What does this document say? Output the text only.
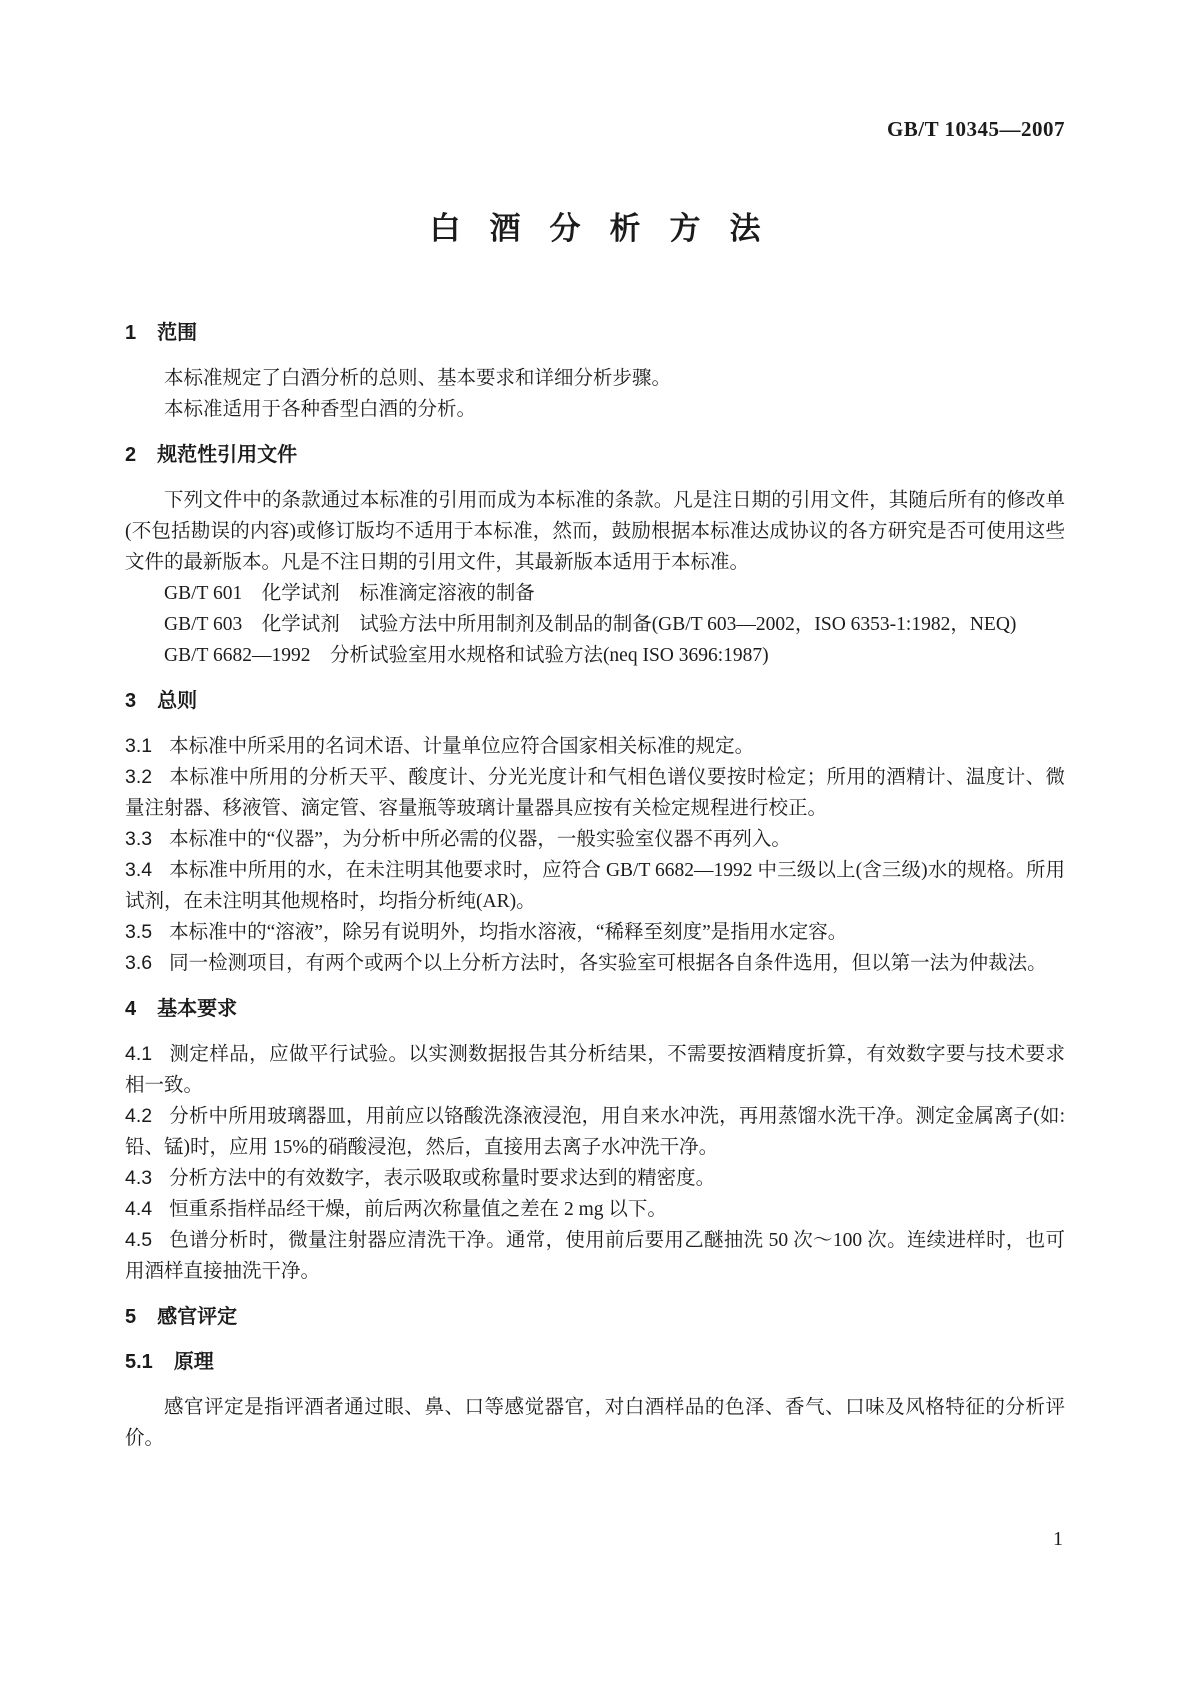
GB/T 10345—2007
白酒分析方法
1 范围

本标准规定了白酒分析的总则、基本要求和详细分析步骤。

本标准适用于各种香型白酒的分析。

2 规范性引用文件

下列文件中的条款通过本标准的引用而成为本标准的条款。凡是注日期的引用文件，其随后所有的修改单(不包括勘误的内容)或修订版均不适用于本标准，然而，鼓励根据本标准达成协议的各方研究是否可使用这些文件的最新版本。凡是不注日期的引用文件，其最新版本适用于本标准。

GB/T 601　化学试剂　标准滴定溶液的制备

GB/T 603　化学试剂　试验方法中所用制剂及制品的制备(GB/T 603—2002，ISO 6353-1:1982，NEQ)

GB/T 6682—1992　分析试验室用水规格和试验方法(neq ISO 3696:1987)

3 总则

3.1 本标准中所采用的名词术语、计量单位应符合国家相关标准的规定。

3.2 本标准中所用的分析天平、酸度计、分光光度计和气相色谱仪要按时检定；所用的酒精计、温度计、微量注射器、移液管、滴定管、容量瓶等玻璃计量器具应按有关检定规程进行校正。

3.3 本标准中的“仪器”，为分析中所必需的仪器，一般实验室仪器不再列入。

3.4 本标准中所用的水，在未注明其他要求时，应符合 GB/T 6682—1992 中三级以上(含三级)水的规格。所用试剂，在未注明其他规格时，均指分析纯(AR)。

3.5 本标准中的“溶液”，除另有说明外，均指水溶液，“稀释至刻度”是指用水定容。

3.6 同一检测项目，有两个或两个以上分析方法时，各实验室可根据各自条件选用，但以第一法为仲裁法。

4 基本要求

4.1 测定样品，应做平行试验。以实测数据报告其分析结果，不需要按酒精度折算，有效数字要与技术要求相一致。

4.2 分析中所用玻璃器皿，用前应以铬酸洗涤液浸泡，用自来水冲洗，再用蒸馏水洗干净。测定金属离子(如:铅、锰)时，应用 15%的硝酸浸泡，然后，直接用去离子水冲洗干净。

4.3 分析方法中的有效数字，表示吸取或称量时要求达到的精密度。

4.4 恒重系指样品经干燥，前后两次称量值之差在 2 mg 以下。

4.5 色谱分析时，微量注射器应清洗干净。通常，使用前后要用乙醚抽洗 50 次～100 次。连续进样时，也可用酒样直接抽洗干净。

5 感官评定
5.1 原理

感官评定是指评酒者通过眼、鼻、口等感觉器官，对白酒样品的色泽、香气、口味及风格特征的分析评价。

1
